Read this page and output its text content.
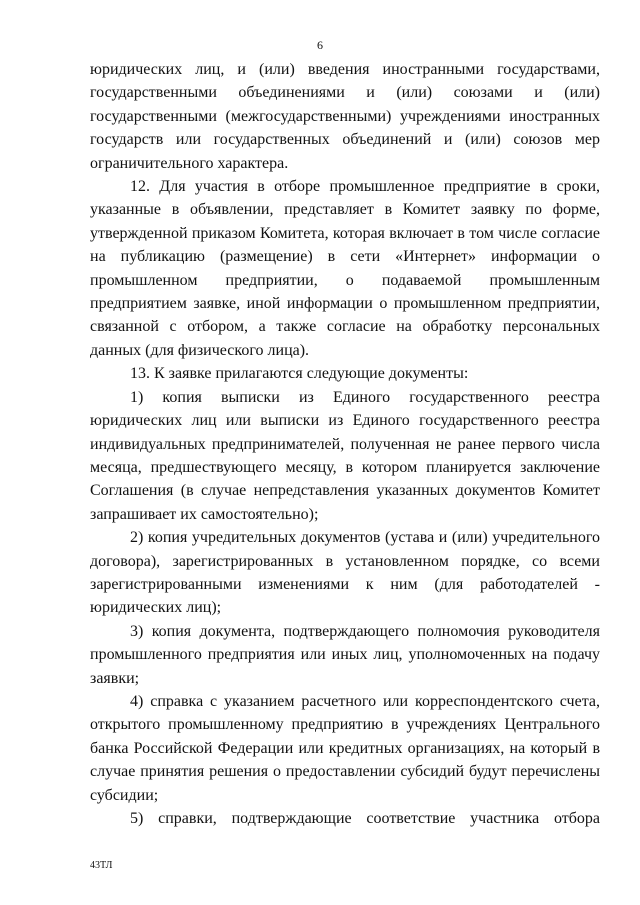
6

юридических лиц, и (или) введения иностранными государствами, государственными объединениями и (или) союзами и (или) государственными (межгосударственными) учреждениями иностранных государств или государственных объединений и (или) союзов мер ограничительного характера.

12. Для участия в отборе промышленное предприятие в сроки, указанные в объявлении, представляет в Комитет заявку по форме, утвержденной приказом Комитета, которая включает в том числе согласие на публикацию (размещение) в сети «Интернет» информации о промышленном предприятии, о подаваемой промышленным предприятием заявке, иной информации о промышленном предприятии, связанной с отбором, а также согласие на обработку персональных данных (для физического лица).

13. К заявке прилагаются следующие документы:

1) копия выписки из Единого государственного реестра юридических лиц или выписки из Единого государственного реестра индивидуальных предпринимателей, полученная не ранее первого числа месяца, предшествующего месяцу, в котором планируется заключение Соглашения (в случае непредставления указанных документов Комитет запрашивает их самостоятельно);

2) копия учредительных документов (устава и (или) учредительного договора), зарегистрированных в установленном порядке, со всеми зарегистрированными изменениями к ним (для работодателей - юридических лиц);

3) копия документа, подтверждающего полномочия руководителя промышленного предприятия или иных лиц, уполномоченных на подачу заявки;

4) справка с указанием расчетного или корреспондентского счета, открытого промышленному предприятию в учреждениях Центрального банка Российской Федерации или кредитных организациях, на который в случае принятия решения о предоставлении субсидий будут перечислены субсидии;

5) справки, подтверждающие соответствие участника отбора

43ТЛ
